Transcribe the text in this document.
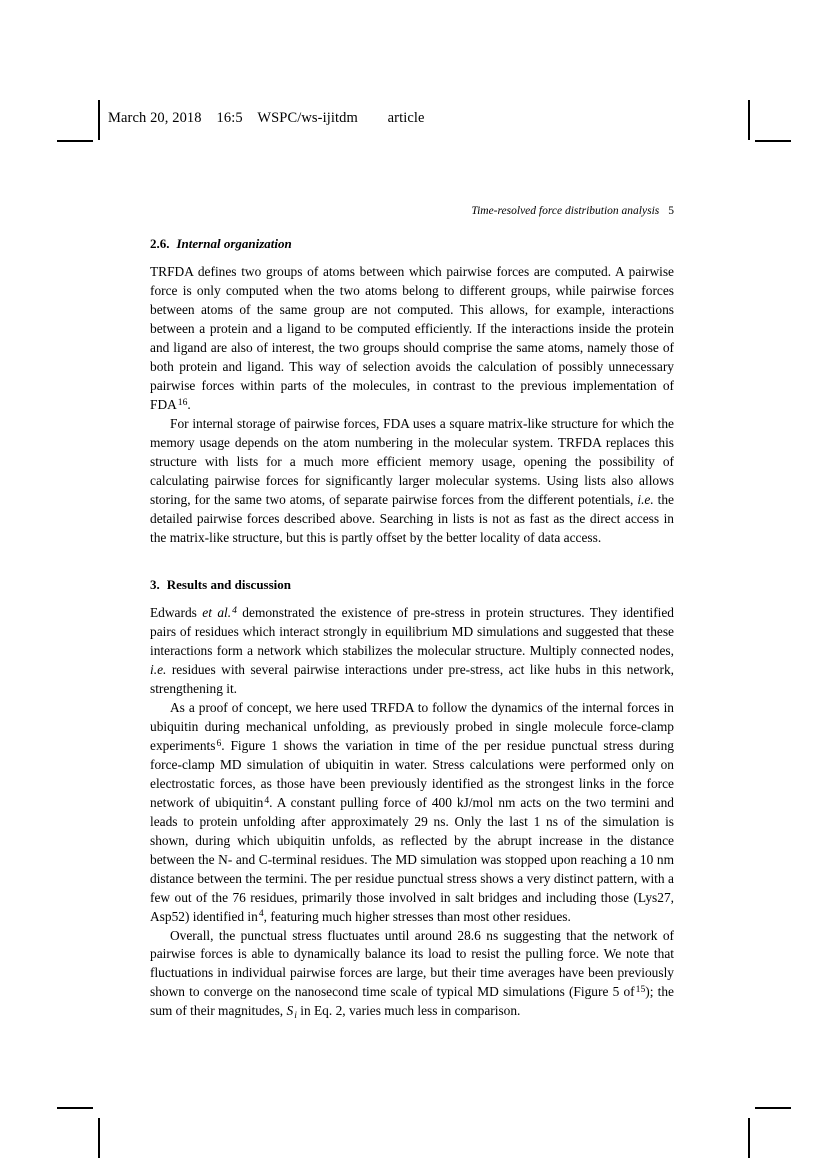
March 20, 2018    16:5    WSPC/ws-ijitdm        article
Time-resolved force distribution analysis 5
2.6. Internal organization

TRFDA defines two groups of atoms between which pairwise forces are computed. A pairwise force is only computed when the two atoms belong to different groups, while pairwise forces between atoms of the same group are not computed. This allows, for example, interactions between a protein and a ligand to be computed efficiently. If the interactions inside the protein and ligand are also of interest, the two groups should comprise the same atoms, namely those of both protein and ligand. This way of selection avoids the calculation of possibly unnecessary pairwise forces within parts of the molecules, in contrast to the previous implementation of FDA$^{16}$.

For internal storage of pairwise forces, FDA uses a square matrix-like structure for which the memory usage depends on the atom numbering in the molecular system. TRFDA replaces this structure with lists for a much more efficient memory usage, opening the possibility of calculating pairwise forces for significantly larger molecular systems. Using lists also allows storing, for the same two atoms, of separate pairwise forces from the different potentials, i.e. the detailed pairwise forces described above. Searching in lists is not as fast as the direct access in the matrix-like structure, but this is partly offset by the better locality of data access.

3. Results and discussion

Edwards et al.$^4$ demonstrated the existence of pre-stress in protein structures. They identified pairs of residues which interact strongly in equilibrium MD simulations and suggested that these interactions form a network which stabilizes the molecular structure. Multiply connected nodes, i.e. residues with several pairwise interactions under pre-stress, act like hubs in this network, strengthening it.

As a proof of concept, we here used TRFDA to follow the dynamics of the internal forces in ubiquitin during mechanical unfolding, as previously probed in single molecule force-clamp experiments$^6$. Figure 1 shows the variation in time of the per residue punctual stress during force-clamp MD simulation of ubiquitin in water. Stress calculations were performed only on electrostatic forces, as those have been previously identified as the strongest links in the force network of ubiquitin$^4$. A constant pulling force of 400 kJ/mol nm acts on the two termini and leads to protein unfolding after approximately 29 ns. Only the last 1 ns of the simulation is shown, during which ubiquitin unfolds, as reflected by the abrupt increase in the distance between the N- and C-terminal residues. The MD simulation was stopped upon reaching a 10 nm distance between the termini. The per residue punctual stress shows a very distinct pattern, with a few out of the 76 residues, primarily those involved in salt bridges and including those (Lys27, Asp52) identified $in^4$, featuring much higher stresses than most other residues.

Overall, the punctual stress fluctuates until around 28.6 ns suggesting that the network of pairwise forces is able to dynamically balance its load to resist the pulling force. We note that fluctuations in individual pairwise forces are large, but their time averages have been previously shown to converge on the nanosecond time scale of typical MD simulations (Figure 5 $of^{15}$); the sum of their magnitudes, $S_i$ in Eq. 2, varies much less in comparison.
